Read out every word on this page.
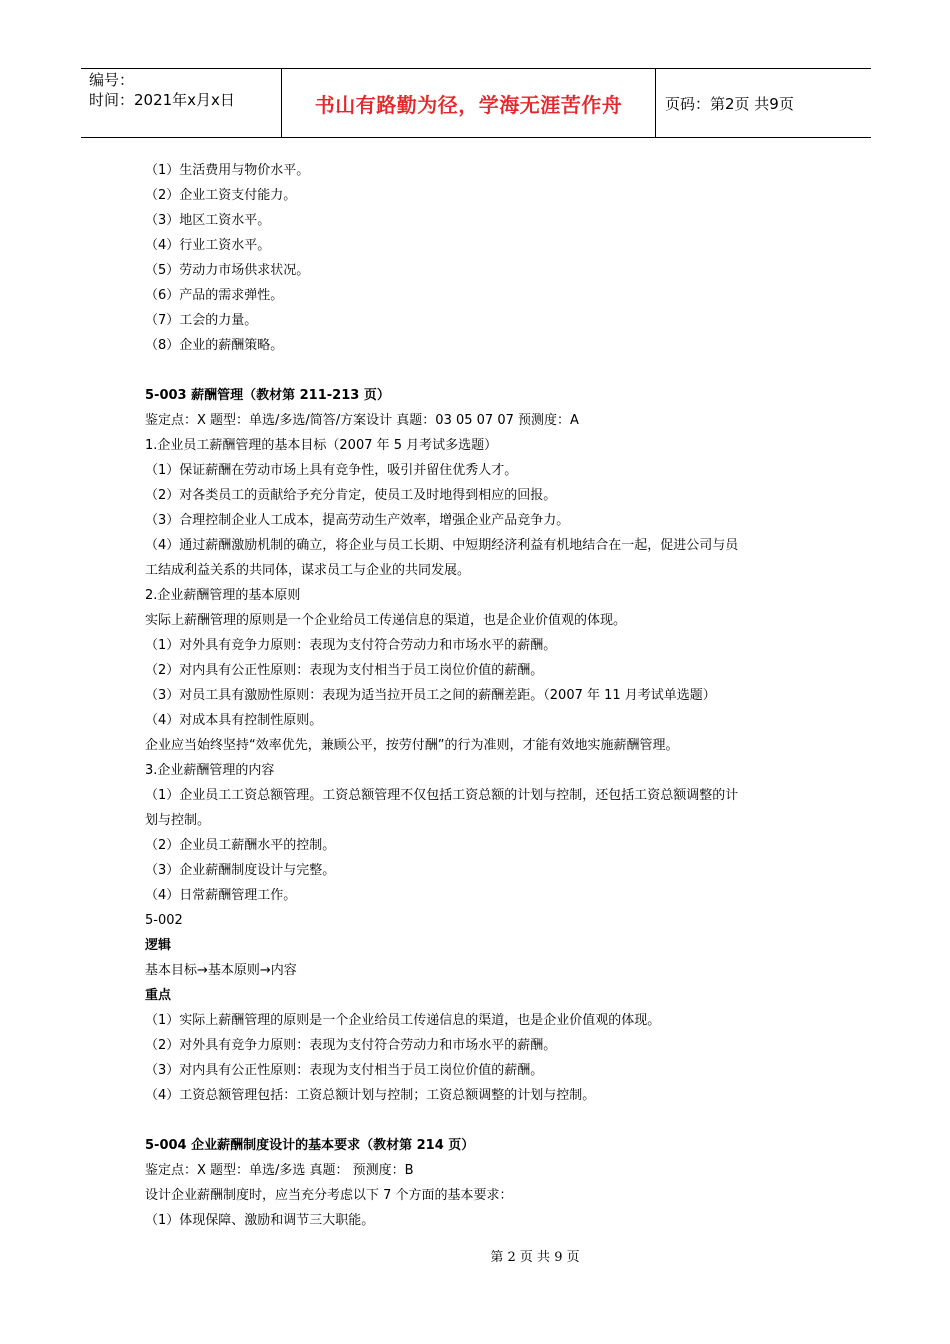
编号：
时间：2021年x月x日	书山有路勤为径，学海无涯苦作舟	页码：第2页 共9页
（1）生活费用与物价水平。
（2）企业工资支付能力。
（3）地区工资水平。
（4）行业工资水平。
（5）劳动力市场供求状况。
（6）产品的需求弹性。
（7）工会的力量。
（8）企业的薪酬策略。
5-003 薪酬管理（教材第 211-213 页）
鉴定点：X 题型：单选/多选/简答/方案设计 真题：03 05 07 07 预测度：A
1.企业员工薪酬管理的基本目标（2007 年 5 月考试多选题）
（1）保证薪酬在劳动市场上具有竞争性，吸引并留住优秀人才。
（2）对各类员工的贡献给予充分肯定，使员工及时地得到相应的回报。
（3）合理控制企业人工成本，提高劳动生产效率，增强企业产品竞争力。
（4）通过薪酬激励机制的确立，将企业与员工长期、中短期经济利益有机地结合在一起，促进公司与员
工结成利益关系的共同体，谋求员工与企业的共同发展。
2.企业薪酬管理的基本原则
实际上薪酬管理的原则是一个企业给员工传递信息的渠道，也是企业价值观的体现。
（1）对外具有竞争力原则：表现为支付符合劳动力和市场水平的薪酬。
（2）对内具有公正性原则：表现为支付相当于员工岗位价值的薪酬。
（3）对员工具有激励性原则：表现为适当拉开员工之间的薪酬差距。（2007 年 11 月考试单选题）
（4）对成本具有控制性原则。
企业应当始终坚持“效率优先，兼顾公平，按劳付酬”的行为准则，才能有效地实施薪酬管理。
3.企业薪酬管理的内容
（1）企业员工工资总额管理。工资总额管理不仅包括工资总额的计划与控制，还包括工资总额调整的计
划与控制。
（2）企业员工薪酬水平的控制。
（3）企业薪酬制度设计与完整。
（4）日常薪酬管理工作。
5-002
逻辑
基本目标→基本原则→内容
重点
（1）实际上薪酬管理的原则是一个企业给员工传递信息的渠道，也是企业价值观的体现。
（2）对外具有竞争力原则：表现为支付符合劳动力和市场水平的薪酬。
（3）对内具有公正性原则：表现为支付相当于员工岗位价值的薪酬。
（4）工资总额管理包括：工资总额计划与控制；工资总额调整的计划与控制。
5-004 企业薪酬制度设计的基本要求（教材第 214 页）
鉴定点：X 题型：单选/多选 真题： 预测度：B
设计企业薪酬制度时，应当充分考虑以下 7 个方面的基本要求：
（1）体现保障、激励和调节三大职能。
第 2 页 共 9 页
